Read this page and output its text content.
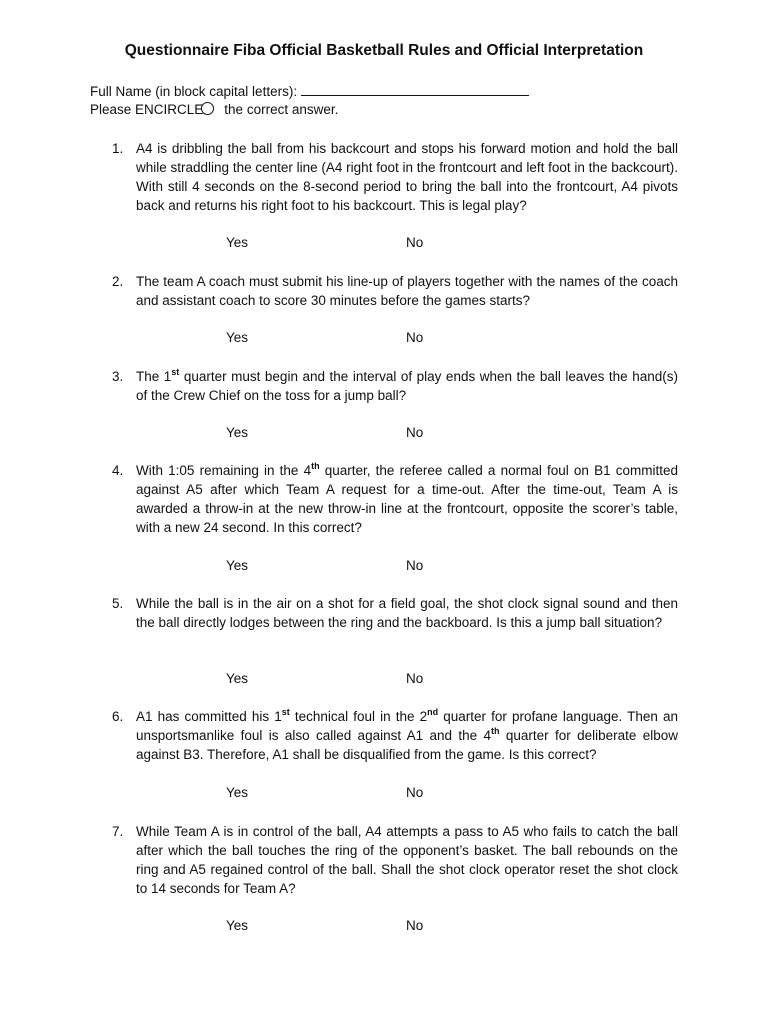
Questionnaire Fiba Official Basketball Rules and Official Interpretation
Full Name (in block capital letters):
Please ENCIRCLE the correct answer.
1. A4 is dribbling the ball from his backcourt and stops his forward motion and hold the ball while straddling the center line (A4 right foot in the frontcourt and left foot in the backcourt). With still 4 seconds on the 8-second period to bring the ball into the frontcourt, A4 pivots back and returns his right foot to his backcourt. This is legal play?
Yes	No
2. The team A coach must submit his line-up of players together with the names of the coach and assistant coach to score 30 minutes before the games starts?
Yes	No
3. The 1st quarter must begin and the interval of play ends when the ball leaves the hand(s) of the Crew Chief on the toss for a jump ball?
Yes	No
4. With 1:05 remaining in the 4th quarter, the referee called a normal foul on B1 committed against A5 after which Team A request for a time-out. After the time-out, Team A is awarded a throw-in at the new throw-in line at the frontcourt, opposite the scorer’s table, with a new 24 second. In this correct?
Yes	No
5. While the ball is in the air on a shot for a field goal, the shot clock signal sound and then the ball directly lodges between the ring and the backboard. Is this a jump ball situation?
Yes	No
6. A1 has committed his 1st technical foul in the 2nd quarter for profane language. Then an unsportsmanlike foul is also called against A1 and the 4th quarter for deliberate elbow against B3. Therefore, A1 shall be disqualified from the game. Is this correct?
Yes	No
7. While Team A is in control of the ball, A4 attempts a pass to A5 who fails to catch the ball after which the ball touches the ring of the opponent’s basket. The ball rebounds on the ring and A5 regained control of the ball. Shall the shot clock operator reset the shot clock to 14 seconds for Team A?
Yes	No
